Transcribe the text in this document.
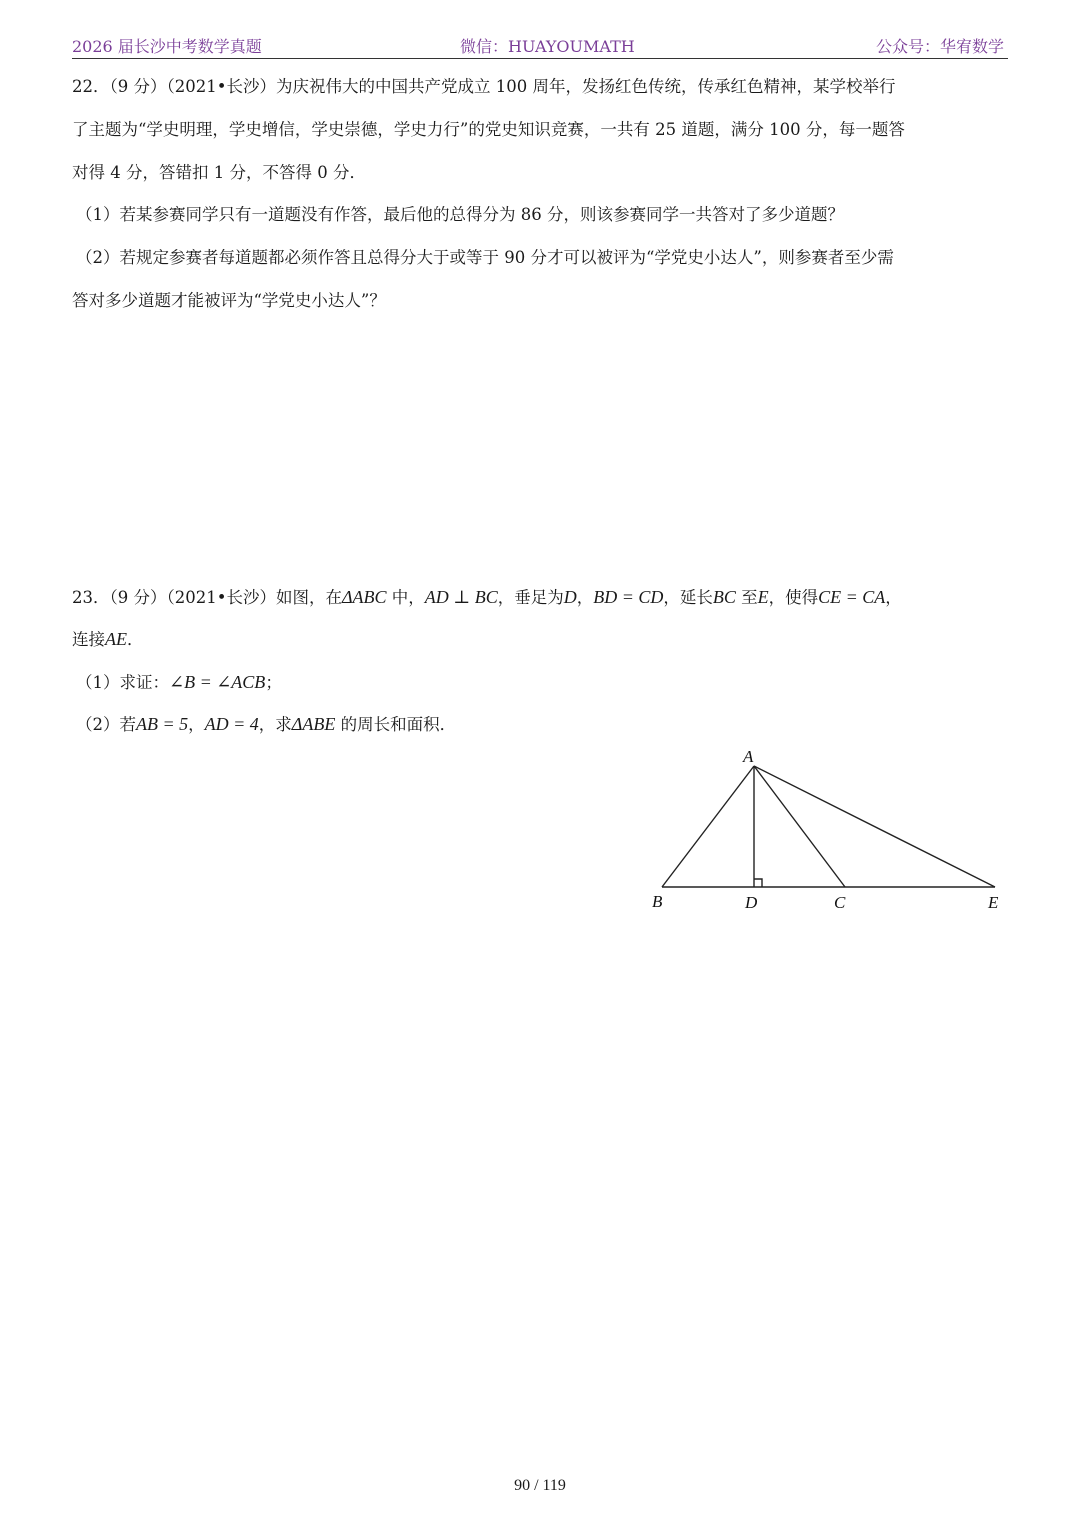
2026 届长沙中考数学真题	微信：HUAYOUMATH	公众号：华宥数学
22．（9 分）（2021•长沙）为庆祝伟大的中国共产党成立 100 周年，发扬红色传统，传承红色精神，某学校举行
了主题为“学史明理，学史增信，学史崇德，学史力行”的党史知识竞赛，一共有 25 道题，满分 100 分，每一题答
对得 4 分，答错扣 1 分，不答得 0 分．
（1）若某参赛同学只有一道题没有作答，最后他的总得分为 86 分，则该参赛同学一共答对了多少道题？
（2）若规定参赛者每道题都必须作答且总得分大于或等于 90 分才可以被评为“学党史小达人”，则参赛者至少需
答对多少道题才能被评为“学党史小达人”？
23．（9 分）（2021•长沙）如图，在ΔABC 中，AD ⊥ BC，垂足为D，BD = CD，延长BC 至E，使得CE = CA，
连接AE．
（1）求证：∠B = ∠ACB；
（2）若AB = 5，AD = 4，求ΔABE 的周长和面积．
A
B	D	C	E
90 / 119
